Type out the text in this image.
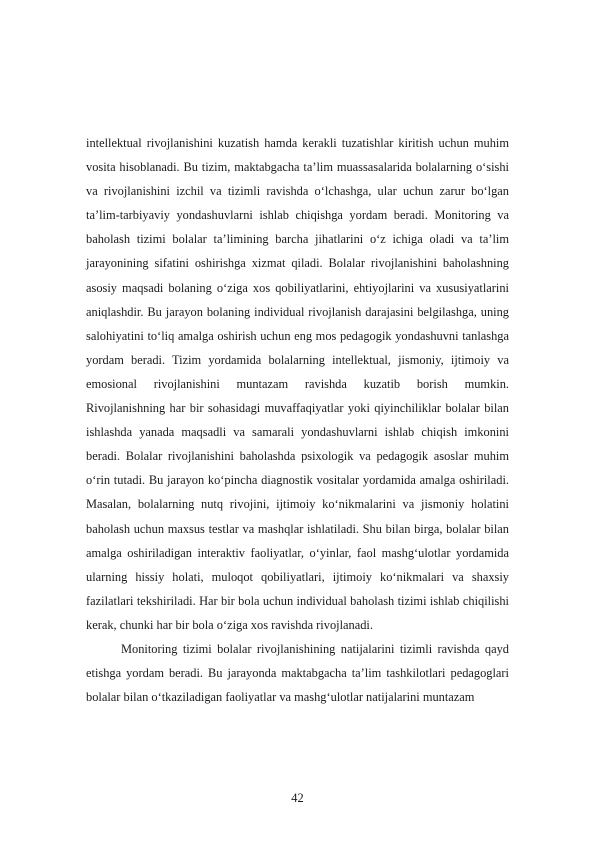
intellektual rivojlanishini kuzatish hamda kerakli tuzatishlar kiritish uchun muhim vosita hisoblanadi. Bu tizim, maktabgacha ta’lim muassasalarida bolalarning o‘sishi va rivojlanishini izchil va tizimli ravishda o‘lchashga, ular uchun zarur bo‘lgan ta’lim-tarbiyaviy yondashuvlarni ishlab chiqishga yordam beradi. Monitoring va baholash tizimi bolalar ta’limining barcha jihatlarini o‘z ichiga oladi va ta’lim jarayonining sifatini oshirishga xizmat qiladi. Bolalar rivojlanishini baholashning asosiy maqsadi bolaning o‘ziga xos qobiliyatlarini, ehtiyojlarini va xususiyatlarini aniqlashdir. Bu jarayon bolaning individual rivojlanish darajasini belgilashga, uning salohiyatini to‘liq amalga oshirish uchun eng mos pedagogik yondashuvni tanlashga yordam beradi. Tizim yordamida bolalarning intellektual, jismoniy, ijtimoiy va emosional rivojlanishini muntazam ravishda kuzatib borish mumkin. Rivojlanishning har bir sohasidagi muvaffaqiyatlar yoki qiyinchiliklar bolalar bilan ishlashda yanada maqsadli va samarali yondashuvlarni ishlab chiqish imkonini beradi. Bolalar rivojlanishini baholashda psixologik va pedagogik asoslar muhim o‘rin tutadi. Bu jarayon ko‘pincha diagnostik vositalar yordamida amalga oshiriladi. Masalan, bolalarning nutq rivojini, ijtimoiy ko‘nikmalarini va jismoniy holatini baholash uchun maxsus testlar va mashqlar ishlatiladi. Shu bilan birga, bolalar bilan amalga oshiriladigan interaktiv faoliyatlar, o‘yinlar, faol mashg‘ulotlar yordamida ularning hissiy holati, muloqot qobiliyatlari, ijtimoiy ko‘nikmalari va shaxsiy fazilatlari tekshiriladi. Har bir bola uchun individual baholash tizimi ishlab chiqilishi kerak, chunki har bir bola o‘ziga xos ravishda rivojlanadi.

Monitoring tizimi bolalar rivojlanishining natijalarini tizimli ravishda qayd etishga yordam beradi. Bu jarayonda maktabgacha ta’lim tashkilotlari pedagoglari bolalar bilan o‘tkaziladigan faoliyatlar va mashg‘ulotlar natijalarini muntazam

42
